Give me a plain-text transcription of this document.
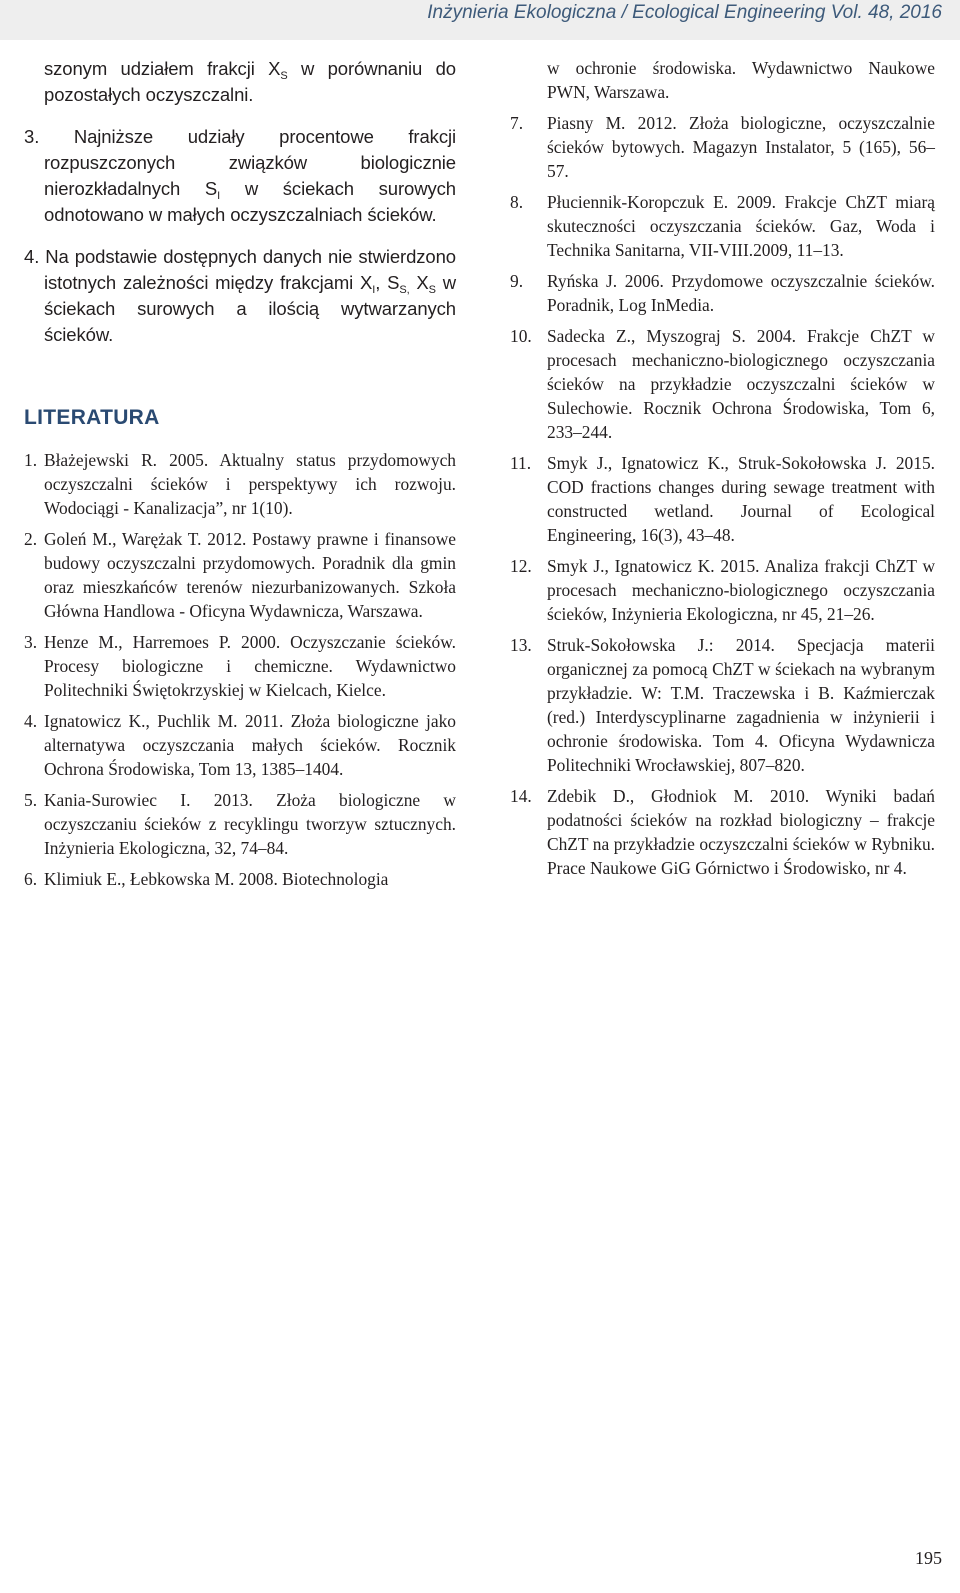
Inżynieria Ekologiczna / Ecological Engineering Vol. 48, 2016
szonym udziałem frakcji $X_S$ w porównaniu do pozostałych oczyszczalni.
3. Najniższe udziały procentowe frakcji rozpuszczonych związków biologicznie nierozkładalnych $S_I$ w ściekach surowych odnotowano w małych oczyszczalniach ścieków.
4. Na podstawie dostępnych danych nie stwierdzono istotnych zależności między frakcjami $X_I$, $S_{S,}$ $X_S$ w ściekach surowych a ilością wytwarzanych ścieków.
LITERATURA
1. Błażejewski R. 2005. Aktualny status przydomowych oczyszczalni ścieków i perspektywy ich rozwoju. Wodociągi - Kanalizacja”, nr 1(10).
2. Goleń M., Warężak T. 2012. Postawy prawne i finansowe budowy oczyszczalni przydomowych. Poradnik dla gmin oraz mieszkańców terenów niezurbanizowanych. Szkoła Główna Handlowa - Oficyna Wydawnicza, Warszawa.
3. Henze M., Harremoes P. 2000. Oczyszczanie ścieków. Procesy biologiczne i chemiczne. Wydawnictwo Politechniki Świętokrzyskiej w Kielcach, Kielce.
4. Ignatowicz K., Puchlik M. 2011. Złoża biologiczne jako alternatywa oczyszczania małych ścieków. Rocznik Ochrona Środowiska, Tom 13, 1385–1404.
5. Kania-Surowiec I. 2013. Złoża biologiczne w oczyszczaniu ścieków z recyklingu tworzyw sztucznych. Inżynieria Ekologiczna, 32, 74–84.
6. Klimiuk E., Łebkowska M. 2008. Biotechnologia
w ochronie środowiska. Wydawnictwo Naukowe PWN, Warszawa.
7. Piasny M. 2012. Złoża biologiczne, oczyszczalnie ścieków bytowych. Magazyn Instalator, 5 (165), 56–57.
8. Płuciennik-Koropczuk E. 2009. Frakcje ChZT miarą skuteczności oczyszczania ścieków. Gaz, Woda i Technika Sanitarna, VII-VIII.2009, 11–13.
9. Ryńska J. 2006. Przydomowe oczyszczalnie ścieków. Poradnik, Log InMedia.
10. Sadecka Z., Myszograj S. 2004. Frakcje ChZT w procesach mechaniczno-biologicznego oczyszczania ścieków na przykładzie oczyszczalni ścieków w Sulechowie. Rocznik Ochrona Środowiska, Tom 6, 233–244.
11. Smyk J., Ignatowicz K., Struk-Sokołowska J. 2015. COD fractions changes during sewage treatment with constructed wetland. Journal of Ecological Engineering, 16(3), 43–48.
12. Smyk J., Ignatowicz K. 2015. Analiza frakcji ChZT w procesach mechaniczno-biologicznego oczyszczania ścieków, Inżynieria Ekologiczna, nr 45, 21–26.
13. Struk-Sokołowska J.: 2014. Specjacja materii organicznej za pomocą ChZT w ściekach na wybranym przykładzie. W: T.M. Traczewska i B. Kaźmierczak (red.) Interdyscyplinarne zagadnienia w inżynierii i ochronie środowiska. Tom 4. Oficyna Wydawnicza Politechniki Wrocławskiej, 807–820.
14. Zdebik D., Głodniok M. 2010. Wyniki badań podatności ścieków na rozkład biologiczny – frakcje ChZT na przykładzie oczyszczalni ścieków w Rybniku. Prace Naukowe GiG Górnictwo i Środowisko, nr 4.
195
